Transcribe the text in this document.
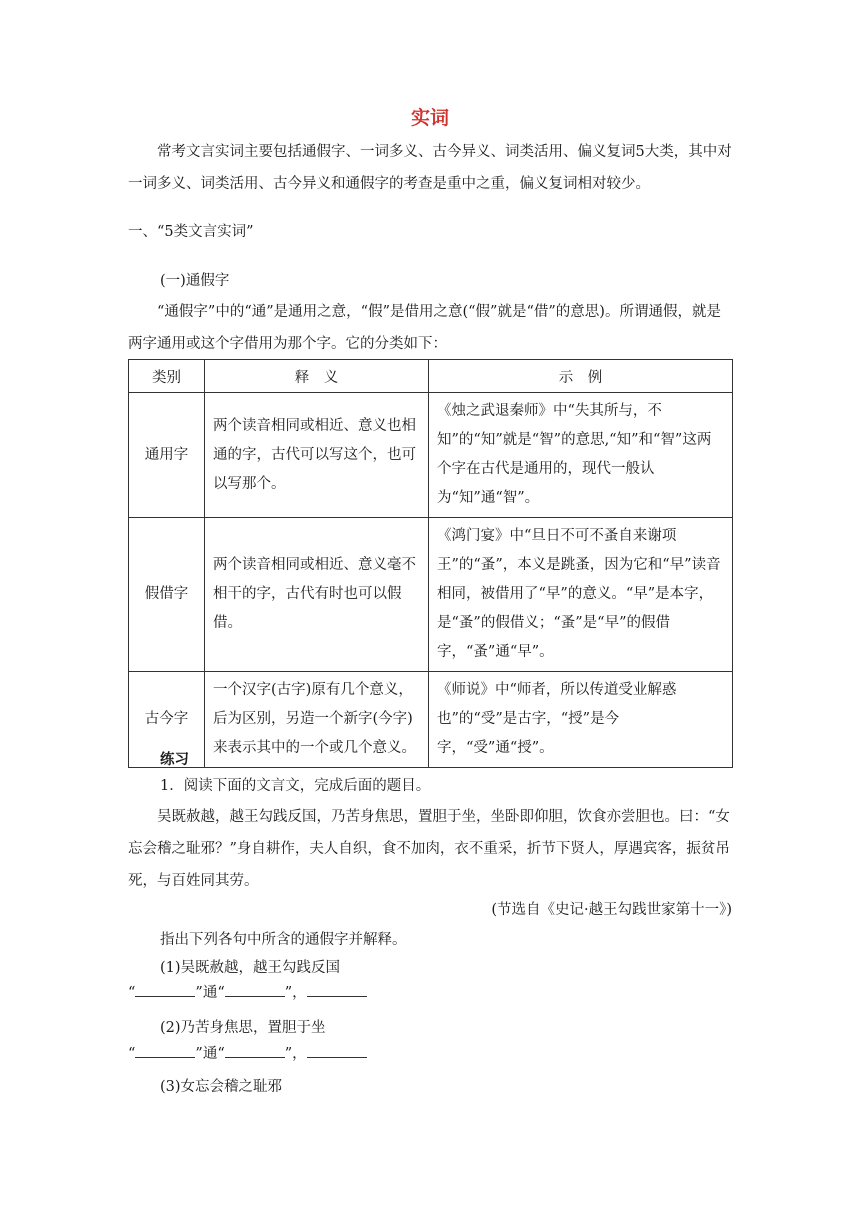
实词
常考文言实词主要包括通假字、一词多义、古今异义、词类活用、偏义复词5大类，其中对一词多义、词类活用、古今异义和通假字的考查是重中之重，偏义复词相对较少。
一、“5类文言实词”
(一)通假字
“通假字”中的“通”是通用之意，“假”是借用之意(“假”就是“借”的意思)。所谓通假，就是两字通用或这个字借用为那个字。它的分类如下：
类别	释　义	示　例
通用字	两个读音相同或相近、意义也相通的字，古代可以写这个，也可以写那个。	《烛之武退秦师》中“失其所与，不知”的“知”就是“智”的意思,“知”和“智”这两个字在古代是通用的，现代一般认为“知”通“智”。
假借字	两个读音相同或相近、意义毫不相干的字，古代有时也可以假借。	《鸿门宴》中“旦日不可不蚤自来谢项王”的“蚤”，本义是跳蚤，因为它和“早”读音相同，被借用了“早”的意义。“早”是本字，是“蚤”的假借义；“蚤”是“早”的假借字，“蚤”通“早”。
古今字	一个汉字(古字)原有几个意义，后为区别，另造一个新字(今字)来表示其中的一个或几个意义。	《师说》中“师者，所以传道受业解惑也”的“受”是古字，“授”是今字，“受”通“授”。
练习
1．阅读下面的文言文，完成后面的题目。
吴既赦越，越王勾践反国，乃苦身焦思，置胆于坐，坐卧即仰胆，饮食亦尝胆也。曰：“女忘会稽之耻邪？”身自耕作，夫人自织，食不加肉，衣不重采，折节下贤人，厚遇宾客，振贫吊死，与百姓同其劳。
(节选自《史记·越王勾践世家第十一》)
指出下列各句中所含的通假字并解释。
(1)吴既赦越，越王勾践反国
“	”通“	”，
(2)乃苦身焦思，置胆于坐
“	”通“	”，
(3)女忘会稽之耻邪
